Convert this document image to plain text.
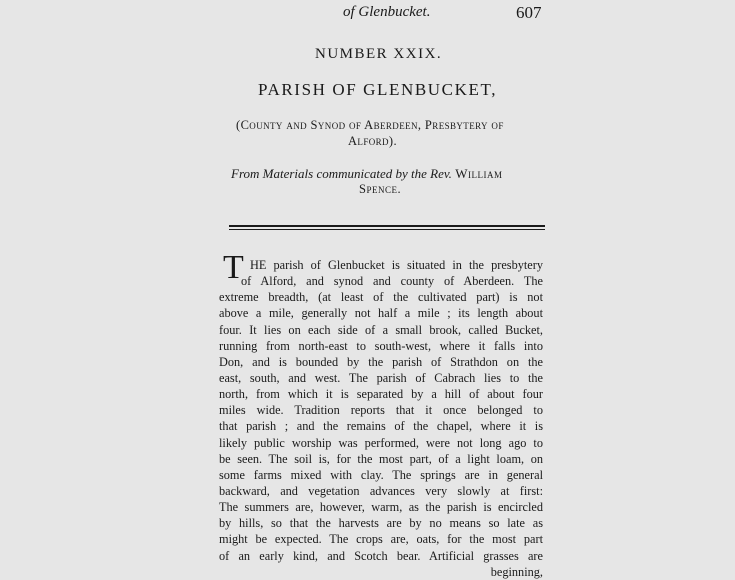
of Glenbucket.	607
NUMBER XXIX.
PARISH OF GLENBUCKET,
(County and Synod of Aberdeen, Presbytery of
Alford).
From Materials communicated by the Rev. William
Spence.
T HE parish of Glenbucket is situated in the presbytery
of Alford, and synod and county of Aberdeen. The
extreme breadth, (at least of the cultivated part) is not
above a mile, generally not half a mile ; its length about
four. It lies on each side of a small brook, called Bucket,
running from north-east to south-west, where it falls into
Don, and is bounded by the parish of Strathdon on the
east, south, and west. The parish of Cabrach lies to the
north, from which it is separated by a hill of about four
miles wide. Tradition reports that it once belonged to
that parish ; and the remains of the chapel, where it is
likely public worship was performed, were not long ago to
be seen. The soil is, for the most part, of a light loam, on
some farms mixed with clay. The springs are in general
backward, and vegetation advances very slowly at first:
The summers are, however, warm, as the parish is encircled
by hills, so that the harvests are by no means so late as
might be expected. The crops are, oats, for the most part
of an early kind, and Scotch bear. Artificial grasses are
beginning,
